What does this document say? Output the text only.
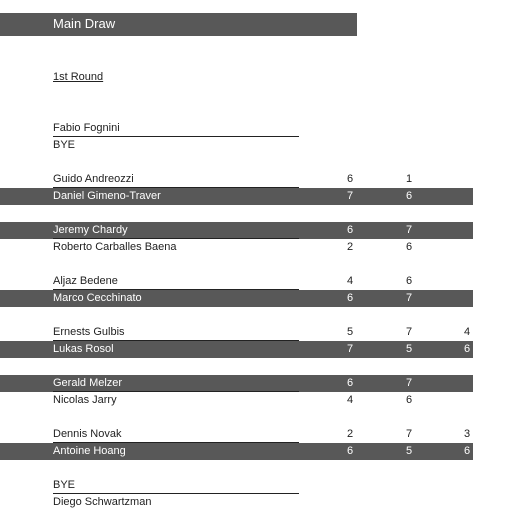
Main Draw
1st Round
Fabio Fognini
BYE
Guido Andreozzi	6	1
Daniel Gimeno-Traver	7	6
Jeremy Chardy	6	7
Roberto Carballes Baena	2	6
Aljaz Bedene	4	6
Marco Cecchinato	6	7
Ernests Gulbis	5	7	4
Lukas Rosol	7	5	6
Gerald Melzer	6	7
Nicolas Jarry	4	6
Dennis Novak	2	7	3
Antoine Hoang	6	5	6
BYE
Diego Schwartzman
